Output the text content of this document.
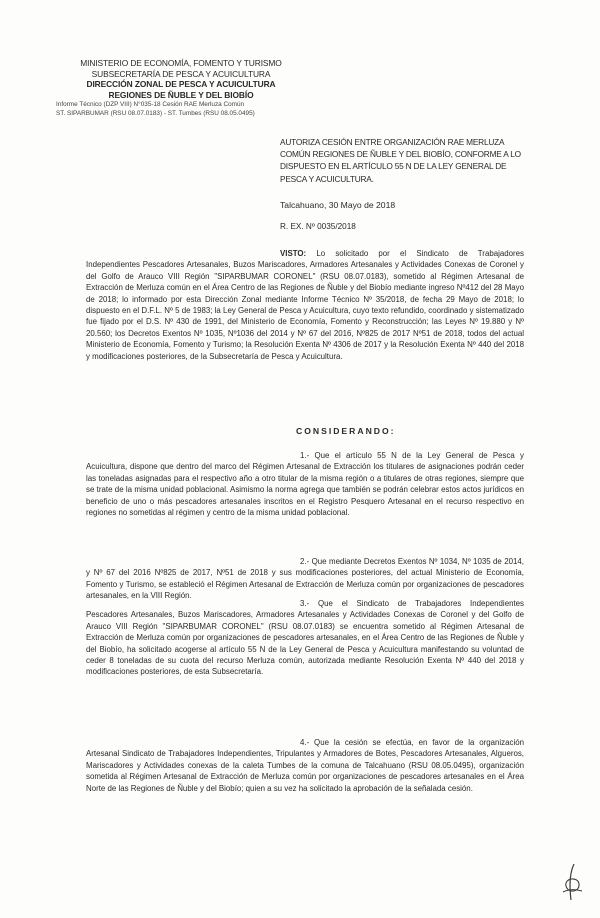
MINISTERIO DE ECONOMÍA, FOMENTO Y TURISMO
SUBSECRETARÍA DE PESCA Y ACUICULTURA
DIRECCIÓN ZONAL DE PESCA Y ACUICULTURA
REGIONES DE ÑUBLE Y DEL BIOBÍO
Informe Técnico (DZP VIII) N°035-18 Cesión RAE Merluza Común
ST. SIPARBUMAR (RSU 08.07.0183) - ST. Tumbes (RSU 08.05.0495)
AUTORIZA CESIÓN ENTRE ORGANIZACIÓN RAE MERLUZA COMÚN REGIONES DE ÑUBLE Y DEL BIOBÍO, CONFORME A LO DISPUESTO EN EL ARTÍCULO 55 N DE LA LEY GENERAL DE PESCA Y ACUICULTURA.
Talcahuano, 30 Mayo de 2018
R. EX. Nº 0035/2018

VISTO: Lo solicitado por el Sindicato de Trabajadores Independientes Pescadores Artesanales, Buzos Mariscadores, Armadores Artesanales y Actividades Conexas de Coronel y del Golfo de Arauco VIII Región "SIPARBUMAR CORONEL" (RSU 08.07.0183), sometido al Régimen Artesanal de Extracción de Merluza común en el Área Centro de las Regiones de Ñuble y del Biobío mediante ingreso Nº412 del 28 Mayo de 2018; lo informado por esta Dirección Zonal mediante Informe Técnico Nº 35/2018, de fecha 29 Mayo de 2018; lo dispuesto en el D.F.L. Nº 5 de 1983; la Ley General de Pesca y Acuicultura, cuyo texto refundido, coordinado y sistematizado fue fijado por el D.S. Nº 430 de 1991, del Ministerio de Economía, Fomento y Reconstrucción; las Leyes Nº 19.880 y Nº 20.560; los Decretos Exentos Nº 1035, Nº1036 del 2014 y Nº 67 del 2016, Nº825 de 2017 Nº51 de 2018, todos del actual Ministerio de Economía, Fomento y Turismo; la Resolución Exenta Nº 4306 de 2017 y la Resolución Exenta Nº 440 del 2018 y modificaciones posteriores, de la Subsecretaría de Pesca y Acuicultura.

CONSIDERANDO:

1.- Que el artículo 55 N de la Ley General de Pesca y Acuicultura, dispone que dentro del marco del Régimen Artesanal de Extracción los titulares de asignaciones podrán ceder las toneladas asignadas para el respectivo año a otro titular de la misma región o a titulares de otras regiones, siempre que se trate de la misma unidad poblacional. Asimismo la norma agrega que también se podrán celebrar estos actos jurídicos en beneficio de uno o más pescadores artesanales inscritos en el Registro Pesquero Artesanal en el recurso respectivo en regiones no sometidas al régimen y centro de la misma unidad poblacional.

2.- Que mediante Decretos Exentos Nº 1034, Nº 1035 de 2014, y Nº 67 del 2016 Nº825 de 2017, Nº51 de 2018 y sus modificaciones posteriores, del actual Ministerio de Economía, Fomento y Turismo, se estableció el Régimen Artesanal de Extracción de Merluza común por organizaciones de pescadores artesanales, en la VIII Región.

3.- Que el Sindicato de Trabajadores Independientes Pescadores Artesanales, Buzos Mariscadores, Armadores Artesanales y Actividades Conexas de Coronel y del Golfo de Arauco VIII Región "SIPARBUMAR CORONEL" (RSU 08.07.0183) se encuentra sometido al Régimen Artesanal de Extracción de Merluza común por organizaciones de pescadores artesanales, en el Área Centro de las Regiones de Ñuble y del Biobío, ha solicitado acogerse al artículo 55 N de la Ley General de Pesca y Acuicultura manifestando su voluntad de ceder 8 toneladas de su cuota del recurso Merluza común, autorizada mediante Resolución Exenta Nº 440 del 2018 y modificaciones posteriores, de esta Subsecretaría.

4.- Que la cesión se efectúa, en favor de la organización Artesanal Sindicato de Trabajadores Independientes, Tripulantes y Armadores de Botes, Pescadores Artesanales, Algueros, Mariscadores y Actividades conexas de la caleta Tumbes de la comuna de Talcahuano (RSU 08.05.0495), organización sometida al Régimen Artesanal de Extracción de Merluza común por organizaciones de pescadores artesanales en el Área Norte de las Regiones de Ñuble y del Biobío; quien a su vez ha solicitado la aprobación de la señalada cesión.
